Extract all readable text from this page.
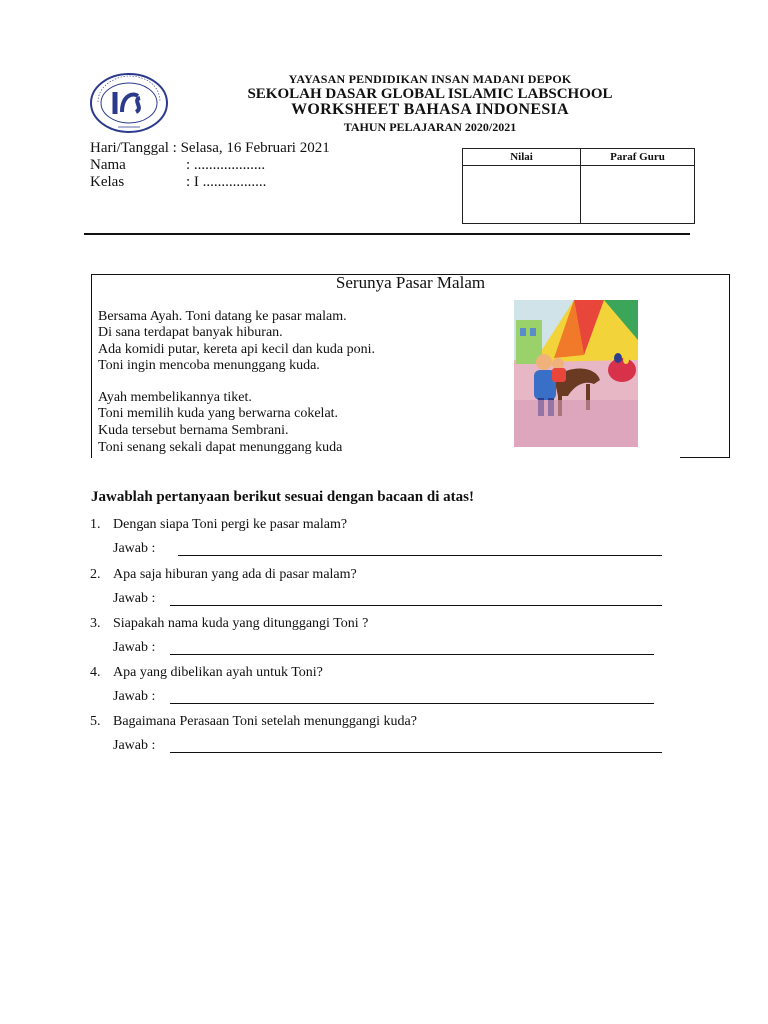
YAYASAN PENDIDIKAN INSAN MADANI DEPOK
SEKOLAH DASAR GLOBAL ISLAMIC LABSCHOOL
WORKSHEET BAHASA INDONESIA
TAHUN PELAJARAN 2020/2021
Hari/Tanggal : Selasa, 16 Februari 2021
Nama	: ...................
Kelas	: I .................
Nilai	Paraf Guru

Serunya Pasar Malam
Bersama Ayah. Toni datang ke pasar malam.
Di sana terdapat banyak hiburan.
Ada komidi putar, kereta api kecil dan kuda poni.
Toni ingin mencoba menunggang kuda.
Ayah membelikannya tiket.
Toni memilih kuda yang berwarna cokelat.
Kuda tersebut bernama Sembrani.
Toni senang sekali dapat menunggang kuda
Jawablah pertanyaan berikut sesuai dengan bacaan di atas!
1. Dengan siapa Toni pergi ke pasar malam?
Jawab :
2. Apa saja hiburan yang ada di pasar malam?
Jawab :
3. Siapakah nama kuda yang ditunggangi Toni ?
Jawab :
4. Apa yang dibelikan ayah untuk Toni?
Jawab :
5. Bagaimana Perasaan Toni setelah menunggangi kuda?
Jawab :
